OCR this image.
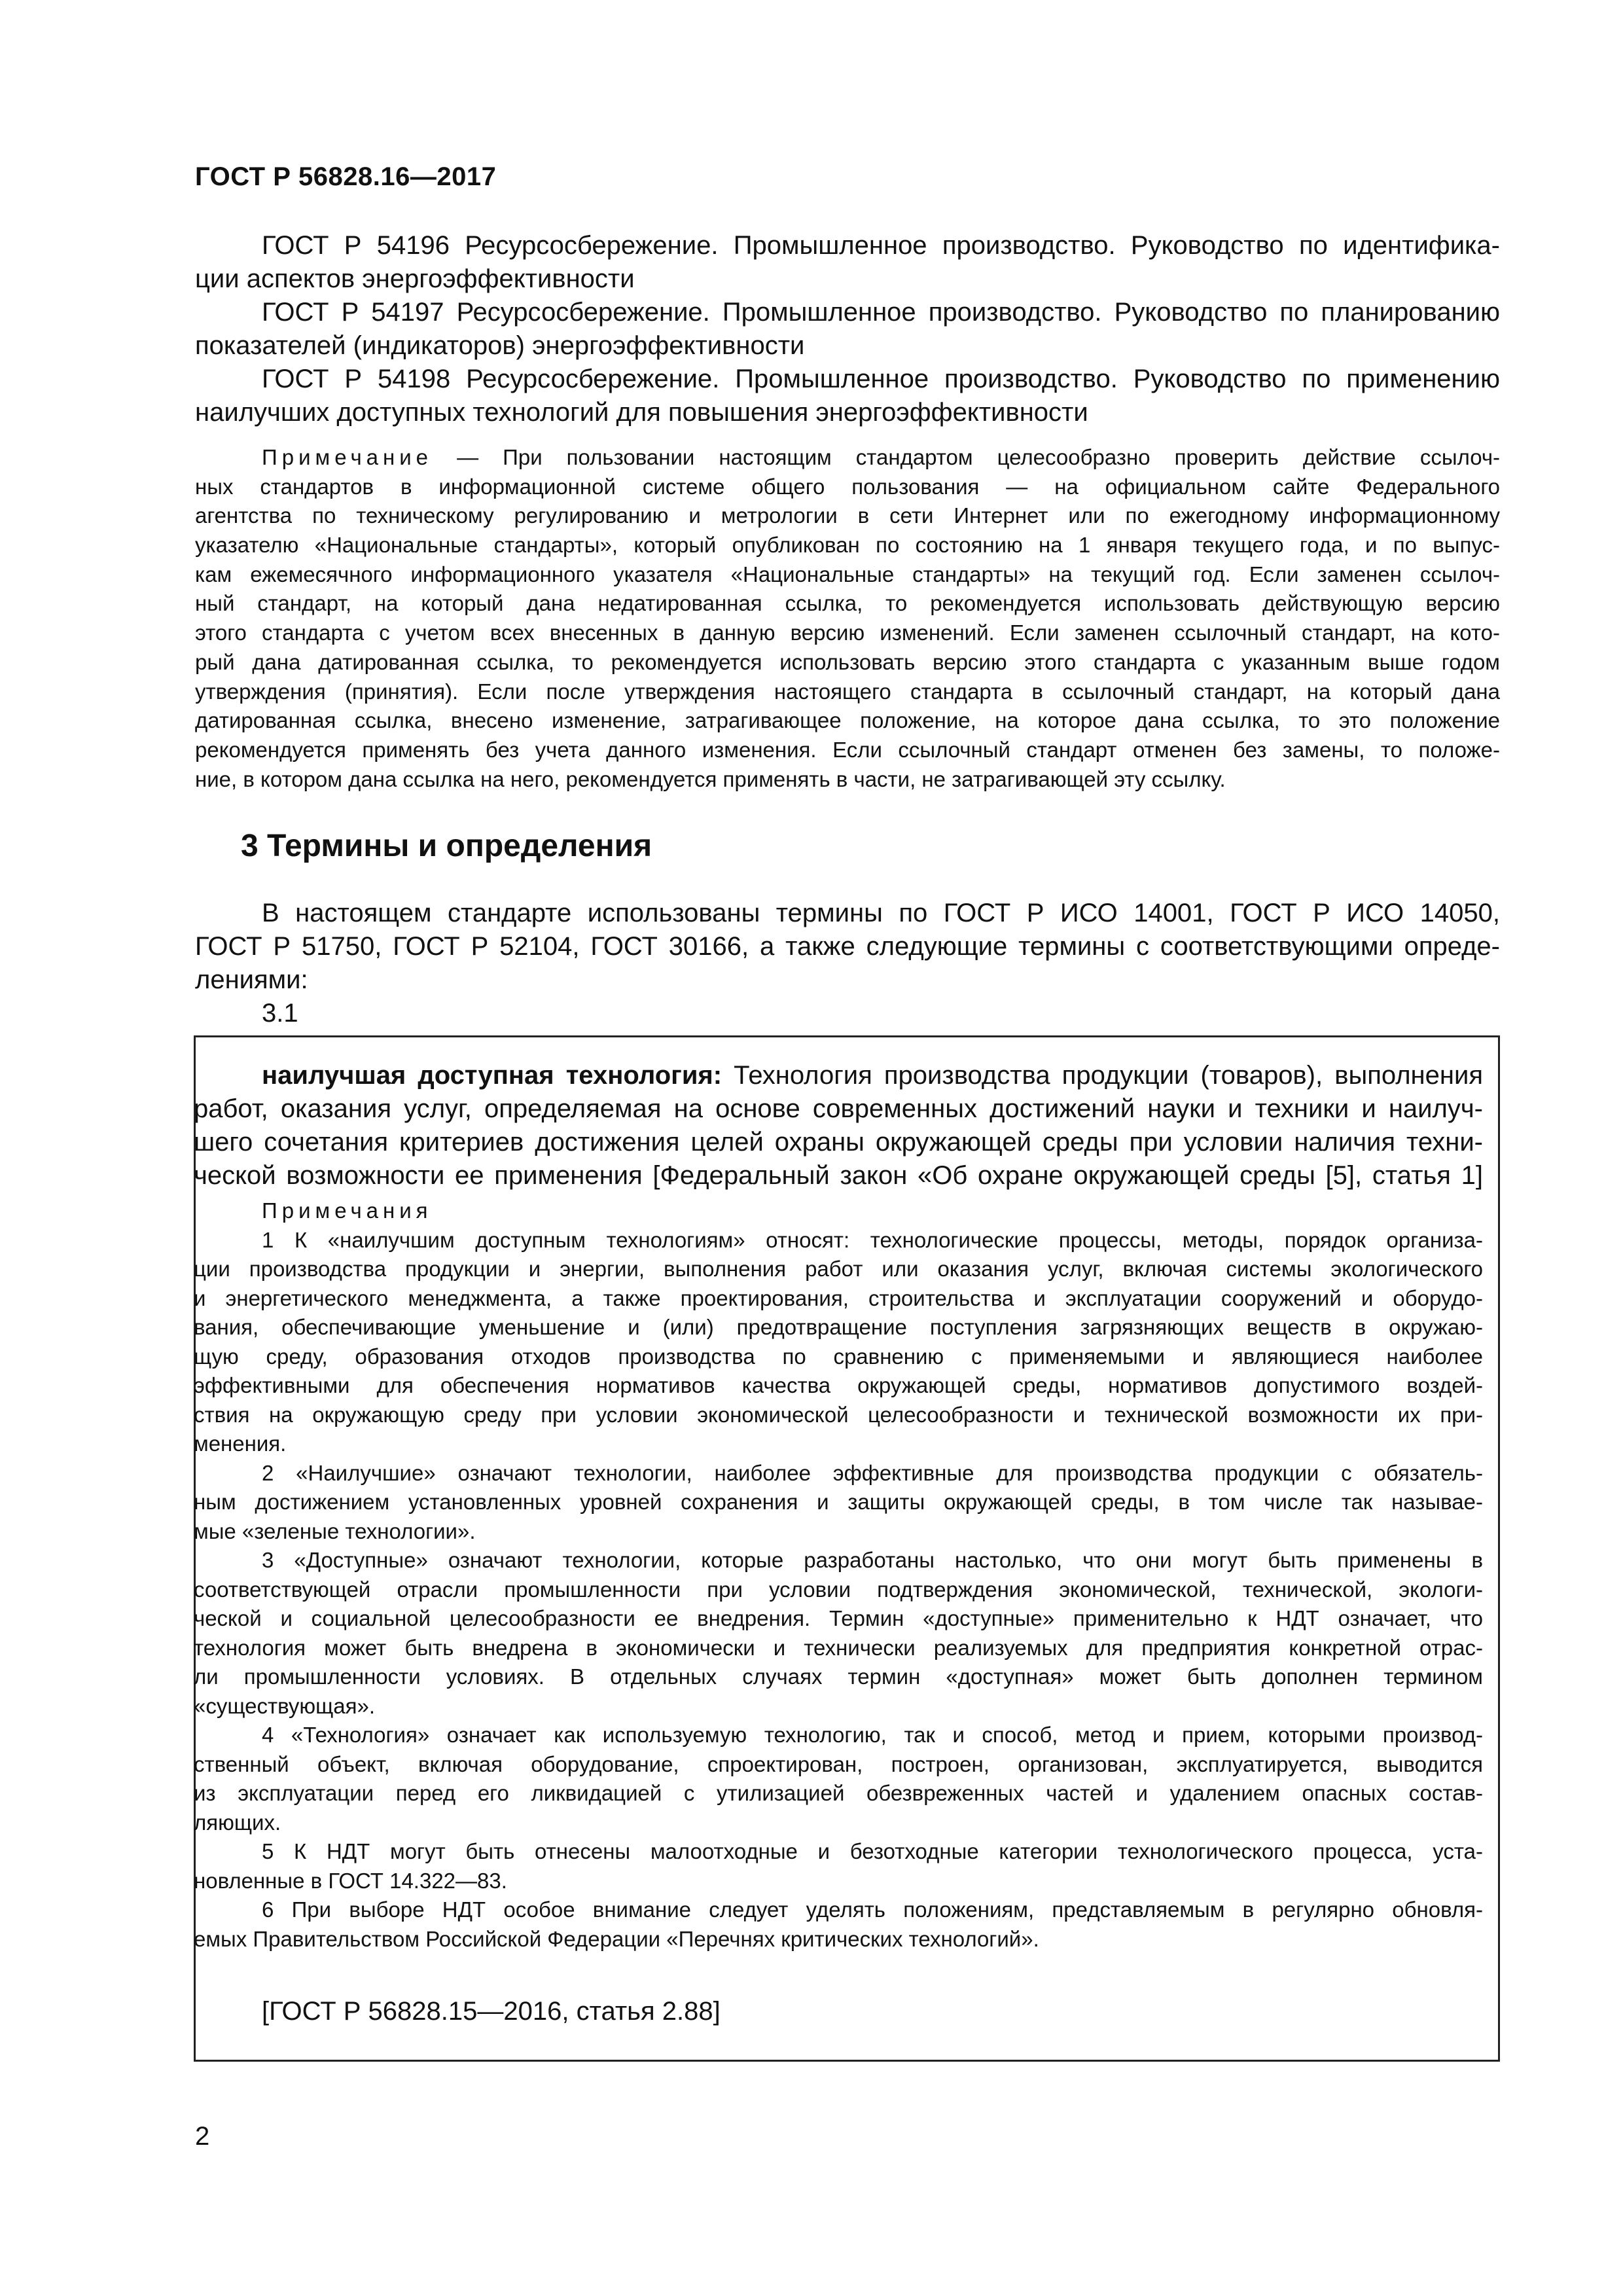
ГОСТ Р 56828.16—2017
ГОСТ Р 54196 Ресурсосбережение. Промышленное производство. Руководство по идентифика-
ции аспектов энергоэффективности
ГОСТ Р 54197 Ресурсосбережение. Промышленное производство. Руководство по планированию
показателей (индикаторов) энергоэффективности
ГОСТ Р 54198 Ресурсосбережение. Промышленное производство. Руководство по применению
наилучших доступных технологий для повышения энергоэффективности
Примечание — При пользовании настоящим стандартом целесообразно проверить действие ссылоч-
ных стандартов в информационной системе общего пользования — на официальном сайте Федерального
агентства по техническому регулированию и метрологии в сети Интернет или по ежегодному информационному
указателю «Национальные стандарты», который опубликован по состоянию на 1 января текущего года, и по выпус-
кам ежемесячного информационного указателя «Национальные стандарты» на текущий год. Если заменен ссылоч-
ный стандарт, на который дана недатированная ссылка, то рекомендуется использовать действующую версию
этого стандарта с учетом всех внесенных в данную версию изменений. Если заменен ссылочный стандарт, на кото-
рый дана датированная ссылка, то рекомендуется использовать версию этого стандарта с указанным выше годом
утверждения (принятия). Если после утверждения настоящего стандарта в ссылочный стандарт, на который дана
датированная ссылка, внесено изменение, затрагивающее положение, на которое дана ссылка, то это положение
рекомендуется применять без учета данного изменения. Если ссылочный стандарт отменен без замены, то положе-
ние, в котором дана ссылка на него, рекомендуется применять в части, не затрагивающей эту ссылку.
3 Термины и определения
В настоящем стандарте использованы термины по ГОСТ Р ИСО 14001, ГОСТ Р ИСО 14050,
ГОСТ Р 51750, ГОСТ Р 52104, ГОСТ 30166, а также следующие термины с соответствующими опреде-
лениями:
3.1
наилучшая доступная технология: Технология производства продукции (товаров), выполнения
работ, оказания услуг, определяемая на основе современных достижений науки и техники и наилуч-
шего сочетания критериев достижения целей охраны окружающей среды при условии наличия техни-
ческой возможности ее применения [Федеральный закон «Об охране окружающей среды [5], статья 1]
Примечания
1 К «наилучшим доступным технологиям» относят: технологические процессы, методы, порядок организа-
ции производства продукции и энергии, выполнения работ или оказания услуг, включая системы экологического
и энергетического менеджмента, а также проектирования, строительства и эксплуатации сооружений и оборудо-
вания, обеспечивающие уменьшение и (или) предотвращение поступления загрязняющих веществ в окружаю-
щую среду, образования отходов производства по сравнению с применяемыми и являющиеся наиболее
эффективными для обеспечения нормативов качества окружающей среды, нормативов допустимого воздей-
ствия на окружающую среду при условии экономической целесообразности и технической возможности их при-
менения.
2 «Наилучшие» означают технологии, наиболее эффективные для производства продукции с обязатель-
ным достижением установленных уровней сохранения и защиты окружающей среды, в том числе так называе-
мые «зеленые технологии».
3 «Доступные» означают технологии, которые разработаны настолько, что они могут быть применены в
соответствующей отрасли промышленности при условии подтверждения экономической, технической, экологи-
ческой и социальной целесообразности ее внедрения. Термин «доступные» применительно к НДТ означает, что
технология может быть внедрена в экономически и технически реализуемых для предприятия конкретной отрас-
ли промышленности условиях. В отдельных случаях термин «доступная» может быть дополнен термином
«существующая».
4 «Технология» означает как используемую технологию, так и способ, метод и прием, которыми производ-
ственный объект, включая оборудование, спроектирован, построен, организован, эксплуатируется, выводится
из эксплуатации перед его ликвидацией с утилизацией обезвреженных частей и удалением опасных состав-
ляющих.
5 К НДТ могут быть отнесены малоотходные и безотходные категории технологического процесса, уста-
новленные в ГОСТ 14.322—83.
6 При выборе НДТ особое внимание следует уделять положениям, представляемым в регулярно обновля-
емых Правительством Российской Федерации «Перечнях критических технологий».
[ГОСТ Р 56828.15—2016, статья 2.88]
2
